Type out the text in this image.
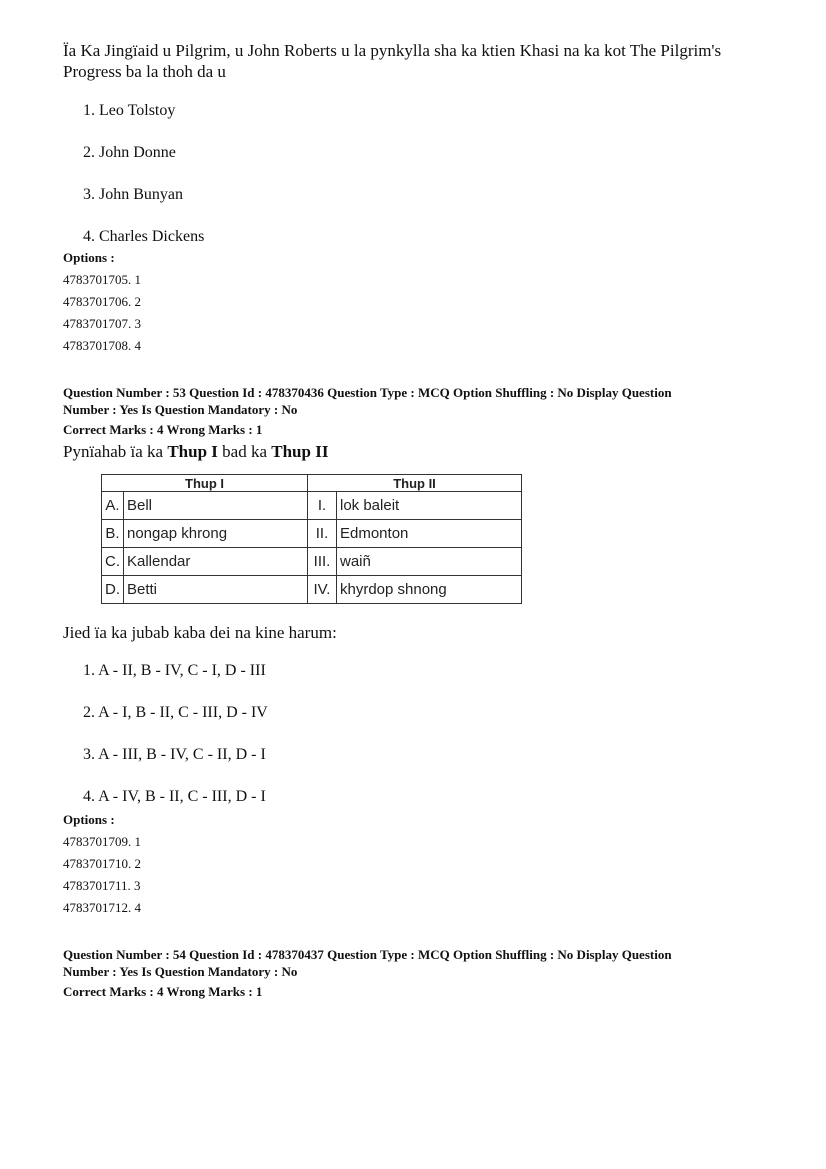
Ïa Ka Jingïaid u Pilgrim, u John Roberts u la pynkylla sha ka ktien Khasi na ka kot The Pilgrim's
Progress ba la thoh da u
1. Leo Tolstoy
2. John Donne
3. John Bunyan
4. Charles Dickens
Options :
4783701705. 1
4783701706. 2
4783701707. 3
4783701708. 4
Question Number : 53 Question Id : 478370436 Question Type : MCQ Option Shuffling : No Display Question
Number : Yes Is Question Mandatory : No
Correct Marks : 4 Wrong Marks : 1
Pynïahab ïa ka Thup I bad ka Thup II
Thup I		Thup II	
A.	Bell	I.	lok baleit
B.	nongap khrong	II.	Edmonton
C.	Kallendar	III.	waiñ
D.	Betti	IV.	khyrdop shnong
Jied ïa ka jubab kaba dei na kine harum:
1. A - II, B - IV, C - I, D - III
2. A - I, B - II, C - III, D - IV
3. A - III, B - IV, C - II, D - I
4. A - IV, B - II, C - III, D - I
Options :
4783701709. 1
4783701710. 2
4783701711. 3
4783701712. 4
Question Number : 54 Question Id : 478370437 Question Type : MCQ Option Shuffling : No Display Question
Number : Yes Is Question Mandatory : No
Correct Marks : 4 Wrong Marks : 1
